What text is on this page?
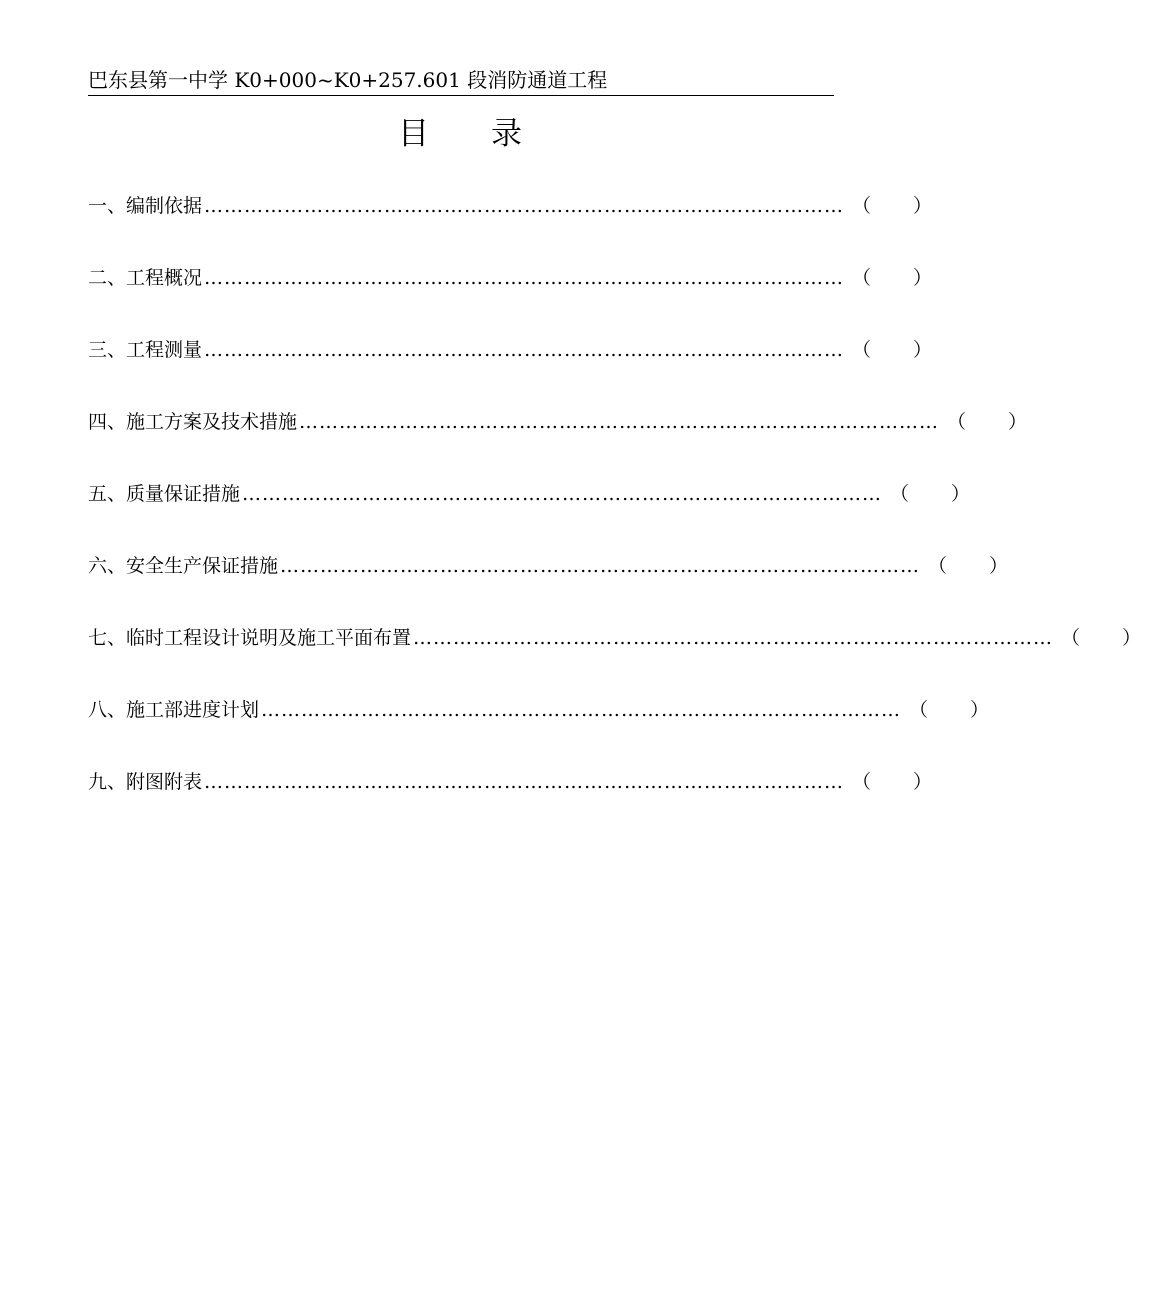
巴东县第一中学 K0+000~K0+257.601 段消防通道工程
目 录
一、编制依据 …………………………………………………………………………………… （ ）
二、工程概况 …………………………………………………………………………………… （ ）
三、工程测量 …………………………………………………………………………………… （ ）
四、施工方案及技术措施 …………………………………………………………………………………… （ ）
五、质量保证措施 …………………………………………………………………………………… （ ）
六、安全生产保证措施 …………………………………………………………………………………… （ ）
七、临时工程设计说明及施工平面布置 …………………………………………………………………………………… （ ）
八、施工部进度计划 …………………………………………………………………………………… （ ）
九、附图附表 …………………………………………………………………………………… （ ）
